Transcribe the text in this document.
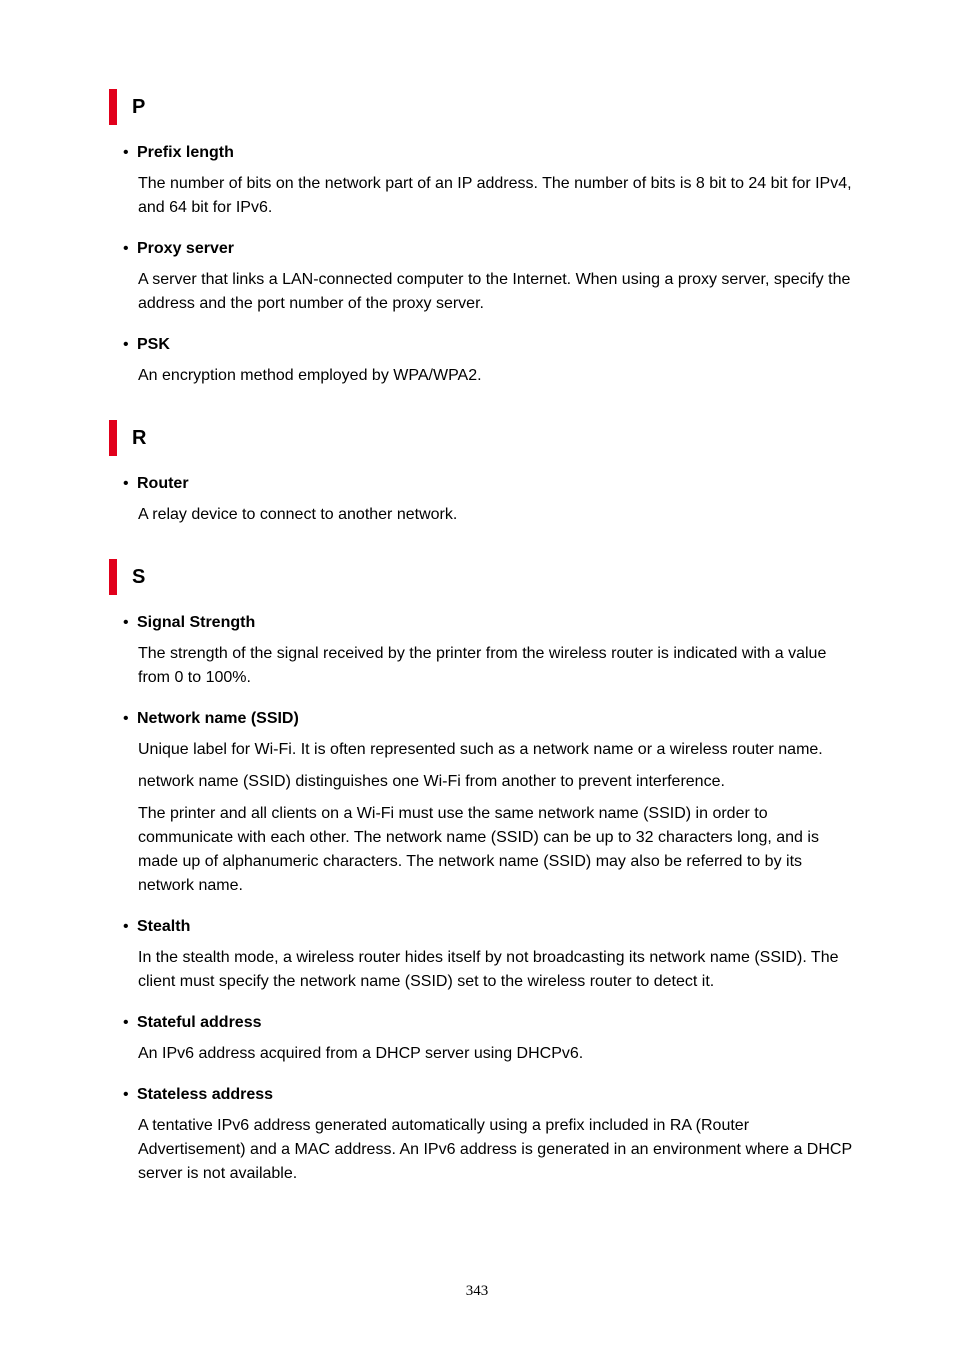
P
• Prefix length
The number of bits on the network part of an IP address. The number of bits is 8 bit to 24 bit for IPv4, and 64 bit for IPv6.
• Proxy server
A server that links a LAN-connected computer to the Internet. When using a proxy server, specify the address and the port number of the proxy server.
• PSK
An encryption method employed by WPA/WPA2.
R
• Router
A relay device to connect to another network.
S
• Signal Strength
The strength of the signal received by the printer from the wireless router is indicated with a value from 0 to 100%.
• Network name (SSID)
Unique label for Wi-Fi. It is often represented such as a network name or a wireless router name.
network name (SSID) distinguishes one Wi-Fi from another to prevent interference.
The printer and all clients on a Wi-Fi must use the same network name (SSID) in order to communicate with each other. The network name (SSID) can be up to 32 characters long, and is made up of alphanumeric characters. The network name (SSID) may also be referred to by its network name.
• Stealth
In the stealth mode, a wireless router hides itself by not broadcasting its network name (SSID). The client must specify the network name (SSID) set to the wireless router to detect it.
• Stateful address
An IPv6 address acquired from a DHCP server using DHCPv6.
• Stateless address
A tentative IPv6 address generated automatically using a prefix included in RA (Router Advertisement) and a MAC address. An IPv6 address is generated in an environment where a DHCP server is not available.
343
